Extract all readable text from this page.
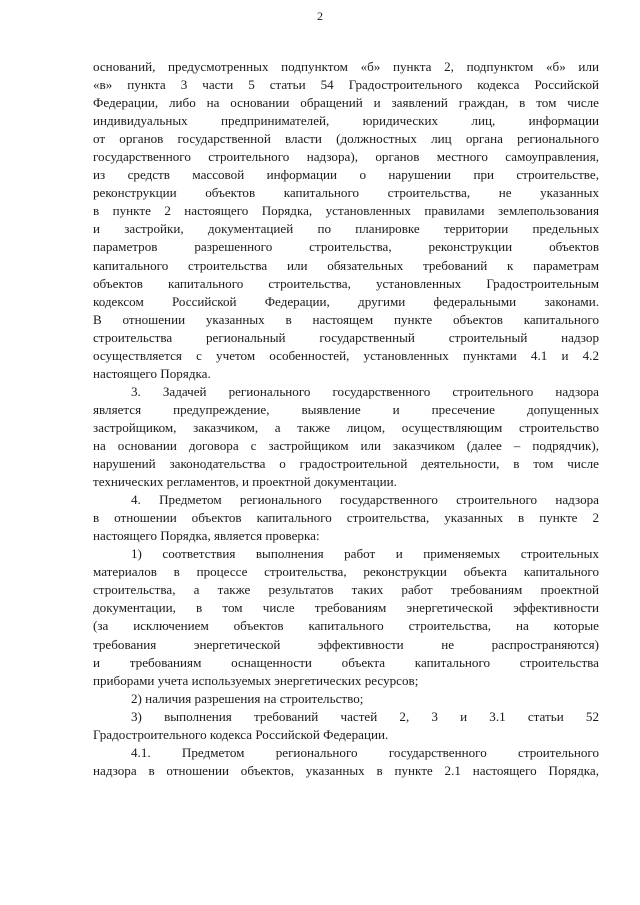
2

оснований, предусмотренных подпунктом «б» пункта 2, подпунктом «б» или

«в» пункта 3 части 5 статьи 54 Градостроительного кодекса Российской

Федерации, либо на основании обращений и заявлений граждан, в том числе

индивидуальных предпринимателей, юридических лиц, информации

от органов государственной власти (должностных лиц органа регионального

государственного строительного надзора), органов местного самоуправления,

из средств массовой информации о нарушении при строительстве,

реконструкции объектов капитального строительства, не указанных

в пункте 2 настоящего Порядка, установленных правилами землепользования

и застройки, документацией по планировке территории предельных

параметров разрешенного строительства, реконструкции объектов

капитального строительства или обязательных требований к параметрам

объектов капитального строительства, установленных Градостроительным

кодексом Российской Федерации, другими федеральными законами.

В отношении указанных в настоящем пункте объектов капитального

строительства региональный государственный строительный надзор

осуществляется с учетом особенностей, установленных пунктами 4.1 и 4.2

настоящего Порядка.

3. Задачей регионального государственного строительного надзора

является предупреждение, выявление и пресечение допущенных

застройщиком, заказчиком, а также лицом, осуществляющим строительство

на основании договора с застройщиком или заказчиком (далее – подрядчик),

нарушений законодательства о градостроительной деятельности, в том числе

технических регламентов, и проектной документации.

4. Предметом регионального государственного строительного надзора

в отношении объектов капитального строительства, указанных в пункте 2

настоящего Порядка, является проверка:

1) соответствия выполнения работ и применяемых строительных

материалов в процессе строительства, реконструкции объекта капитального

строительства, а также результатов таких работ требованиям проектной

документации, в том числе требованиям энергетической эффективности

(за исключением объектов капитального строительства, на которые

требования энергетической эффективности не распространяются)

и требованиям оснащенности объекта капитального строительства

приборами учета используемых энергетических ресурсов;

2) наличия разрешения на строительство;

3) выполнения требований частей 2, 3 и 3.1 статьи 52

Градостроительного кодекса Российской Федерации.

4.1. Предметом регионального государственного строительного

надзора в отношении объектов, указанных в пункте 2.1 настоящего Порядка,
